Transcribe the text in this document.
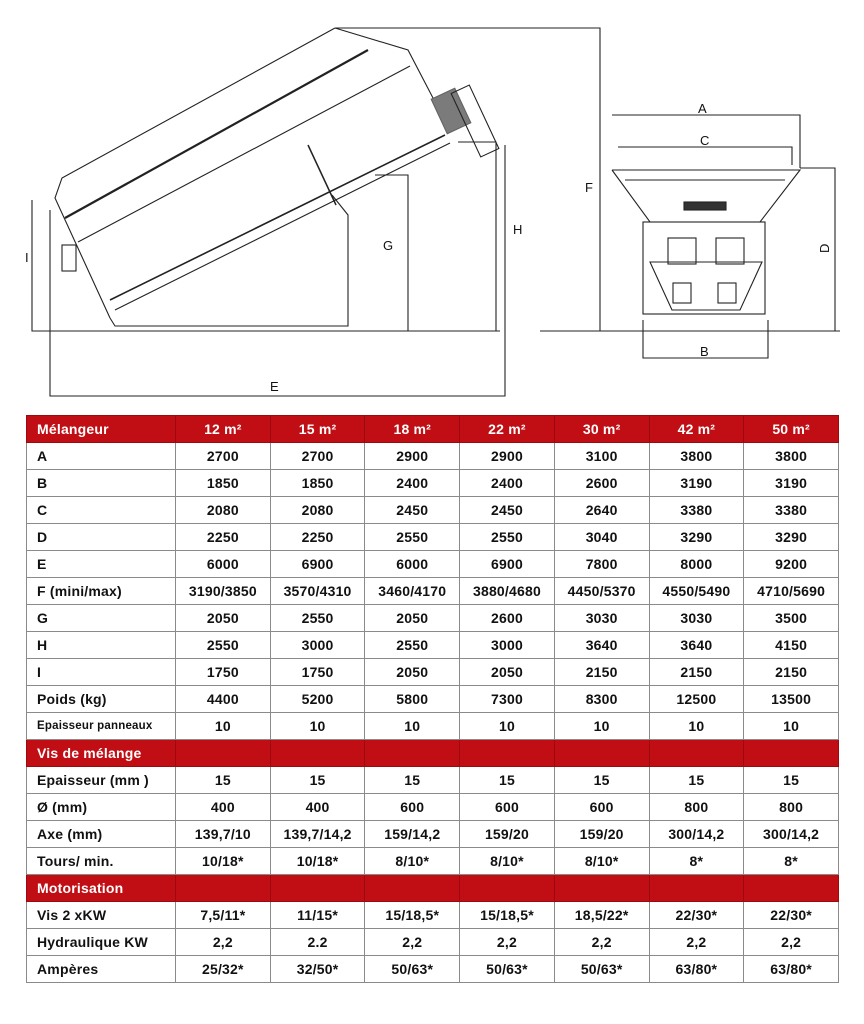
I
G
H
F
E
A
C
D
B
Mélangeur	12 m²	15 m²	18 m²	22 m²	30 m²	42 m²	50 m²
A	2700	2700	2900	2900	3100	3800	3800
B	1850	1850	2400	2400	2600	3190	3190
C	2080	2080	2450	2450	2640	3380	3380
D	2250	2250	2550	2550	3040	3290	3290
E	6000	6900	6000	6900	7800	8000	9200
F (mini/max)	3190/3850	3570/4310	3460/4170	3880/4680	4450/5370	4550/5490	4710/5690
G	2050	2550	2050	2600	3030	3030	3500
H	2550	3000	2550	3000	3640	3640	4150
I	1750	1750	2050	2050	2150	2150	2150
Poids (kg)	4400	5200	5800	7300	8300	12500	13500
Epaisseur panneaux	10	10	10	10	10	10	10
Vis de mélange							
Epaisseur (mm )	15	15	15	15	15	15	15
Ø (mm)	400	400	600	600	600	800	800
Axe (mm)	139,7/10	139,7/14,2	159/14,2	159/20	159/20	300/14,2	300/14,2
Tours/ min.	10/18*	10/18*	8/10*	8/10*	8/10*	8*	8*
Motorisation							
Vis 2 xKW	7,5/11*	11/15*	15/18,5*	15/18,5*	18,5/22*	22/30*	22/30*
Hydraulique KW	2,2	2.2	2,2	2,2	2,2	2,2	2,2
Ampères	25/32*	32/50*	50/63*	50/63*	50/63*	63/80*	63/80*
